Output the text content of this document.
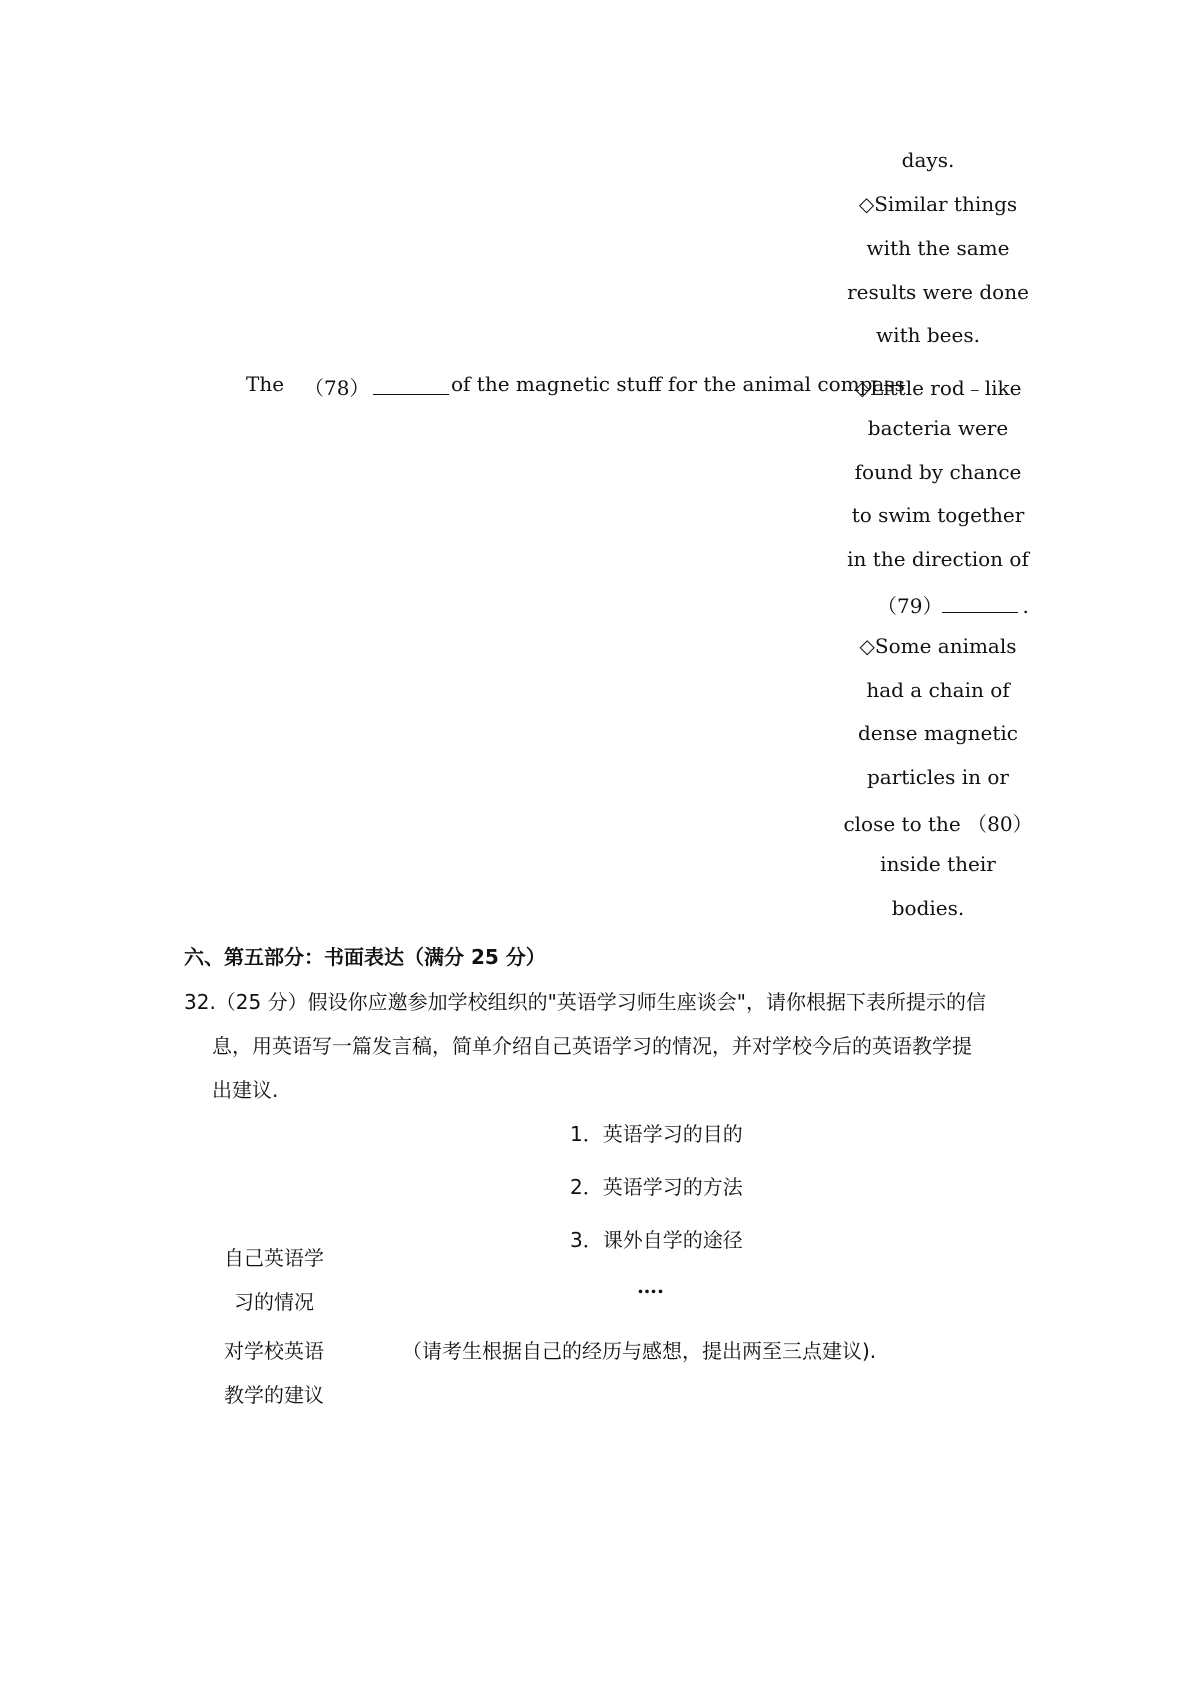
days.
◇Similar things
with the same
results were done
with bees.
The （78）	of the magnetic stuff for the animal compass
◇Little rod﹣like
bacteria were
found by chance
to swim together
in the direction of
（79）	.
◇Some animals
had a chain of
dense magnetic
particles in or
close to the （80）
inside their
bodies.
六、第五部分：书面表达（满分 25 分）
32.（25 分）假设你应邀参加学校组织的"英语学习师生座谈会"，请你根据下表所提示的信
息，用英语写一篇发言稿，简单介绍自己英语学习的情况，并对学校今后的英语教学提
出建议.
1．英语学习的目的
2．英语学习的方法
3．课外自学的途径
….
自己英语学
习的情况
对学校英语
教学的建议
（请考生根据自己的经历与感想，提出两至三点建议).
